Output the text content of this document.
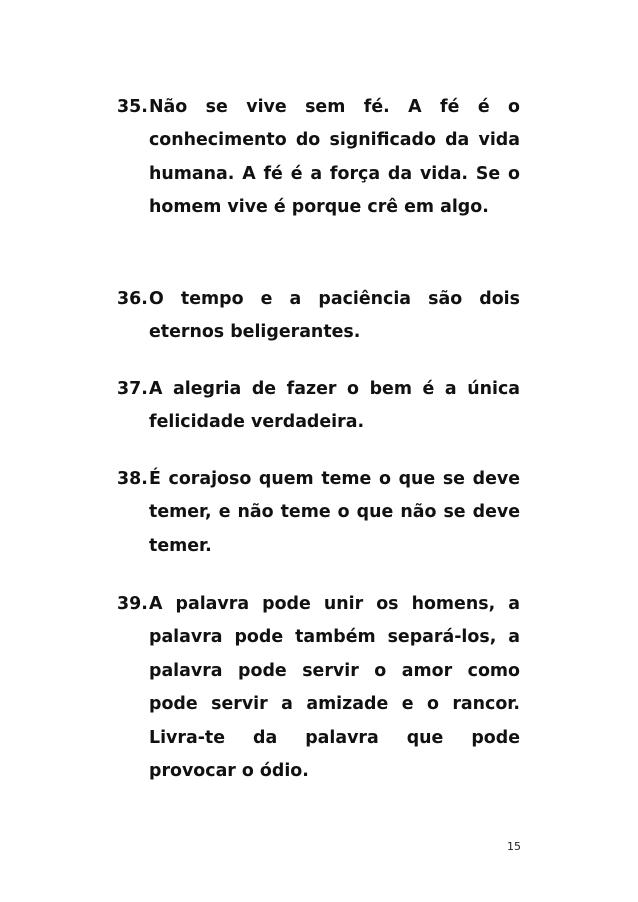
35.Não se vive sem fé. A fé é o conhecimento do significado da vida humana. A fé é a força da vida. Se o homem vive é porque crê em algo.

36.O tempo e a paciência são dois eternos beligerantes.

37.A alegria de fazer o bem é a única felicidade verdadeira.

38.É corajoso quem teme o que se deve temer, e não teme o que não se deve temer.

39.A palavra pode unir os homens, a palavra pode também separá-los, a palavra pode servir o amor como pode servir a amizade e o rancor. Livra-te da palavra que pode provocar o ódio.

15
